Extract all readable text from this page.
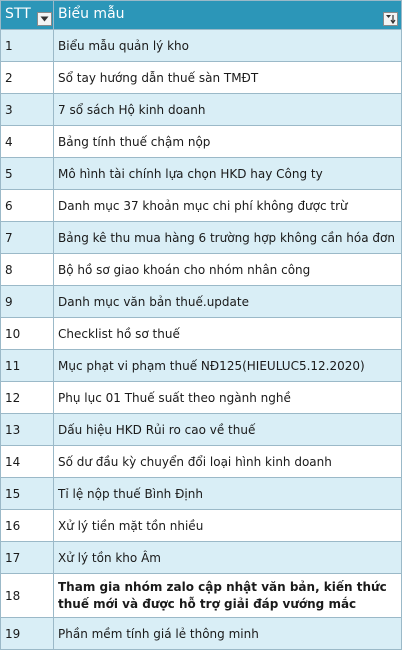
STT	Biểu mẫu

1	Biểu mẫu quản lý kho
2	Sổ tay hướng dẫn thuế sàn TMĐT
3	7 sổ sách Hộ kinh doanh
4	Bảng tính thuế chậm nộp
5	Mô hình tài chính lựa chọn HKD hay Công ty
6	Danh mục 37 khoản mục chi phí không được trừ
7	Bảng kê thu mua hàng 6 trường hợp không cần hóa đơn
8	Bộ hồ sơ giao khoán cho nhóm nhân công
9	Danh mục văn bản thuế.update
10	Checklist hồ sơ thuế
11	Mục phạt vi phạm thuế NĐ125(HIEULUC5.12.2020)
12	Phụ lục 01 Thuế suất theo ngành nghề
13	Dấu hiệu HKD Rủi ro cao về thuế
14	Số dư đầu kỳ chuyển đổi loại hình kinh doanh
15	Tỉ lệ nộp thuế Bình Định
16	Xử lý tiền mặt tồn nhiều
17	Xử lý tồn kho Âm
18	Tham gia nhóm zalo cập nhật văn bản, kiến thức thuế mới và được hỗ trợ giải đáp vướng mắc
19	Phần mềm tính giá lẻ thông minh
